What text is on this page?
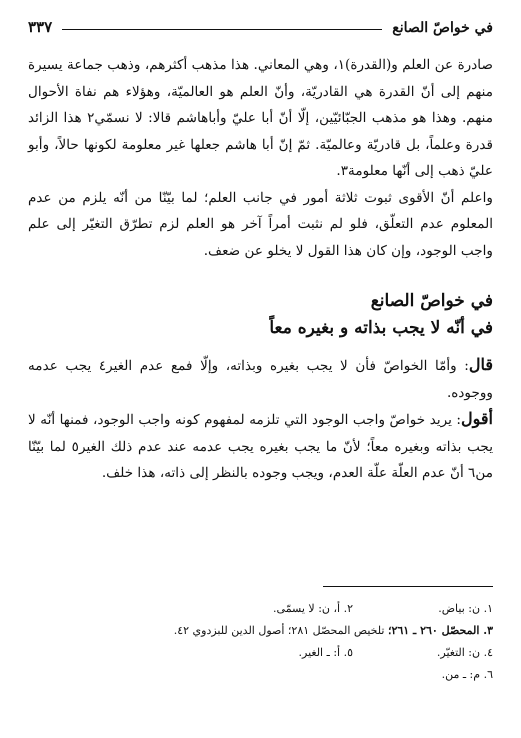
في خواصّ الصانع
٣٣٧

صادرة عن العلم و(القدرة)١، وهي المعاني. هذا مذهب أكثرهم، وذهب جماعة يسيرة منهم إلى أنّ القدرة هي القادريّة، وأنّ العلم هو العالميّة، وهؤلاء هم نفاة الأحوال منهم. وهذا هو مذهب الجبّائيّين، إلّا أنّ أبا عليّ وأباهاشم قالا: لا نسمّي٢ هذا الزائد قدرة وعلماً، بل قادريّة وعالميّة. ثمّ إنّ أبا هاشم جعلها غير معلومة لكونها حالاً، وأبو عليّ ذهب إلى أنّها معلومة٣.

واعلم أنّ الأقوى ثبوت ثلاثة أمور في جانب العلم؛ لما بيّنّا من أنّه يلزم من عدم المعلوم عدم التعلّق، فلو لم نثبت أمراً آخر هو العلم لزم تطرّق التغيّر إلى علم واجب الوجود، وإن كان هذا القول لا يخلو عن ضعف.

في خواصّ الصانع
في أنّه لا يجب بذاته و بغيره معاً

قال: وأمّا الخواصّ فأن لا يجب بغيره وبذاته، وإلّا فمع عدم الغير٤ يجب عدمه ووجوده.

أقول: يريد خواصّ واجب الوجود التي تلزمه لمفهوم كونه واجب الوجود، فمنها أنّه لا يجب بذاته وبغيره معاً؛ لأنّ ما يجب بغيره يجب عدمه عند عدم ذلك الغير٥ لما بيّنّا من٦ أنّ عدم العلّة علّة العدم، ويجب وجوده بالنظر إلى ذاته، هذا خلف.

١. ن: بياض.
٢. أ، ن: لا يسمّى.
٣. المحصّل ٢٦٠ ـ ٢٦١؛ تلخيص المحصّل ٢٨١؛ أصول الدين للبزدوي ٤٢.
٤. ن: التغيّر.
٥. أ: ـ الغير.
٦. م: ـ من.
